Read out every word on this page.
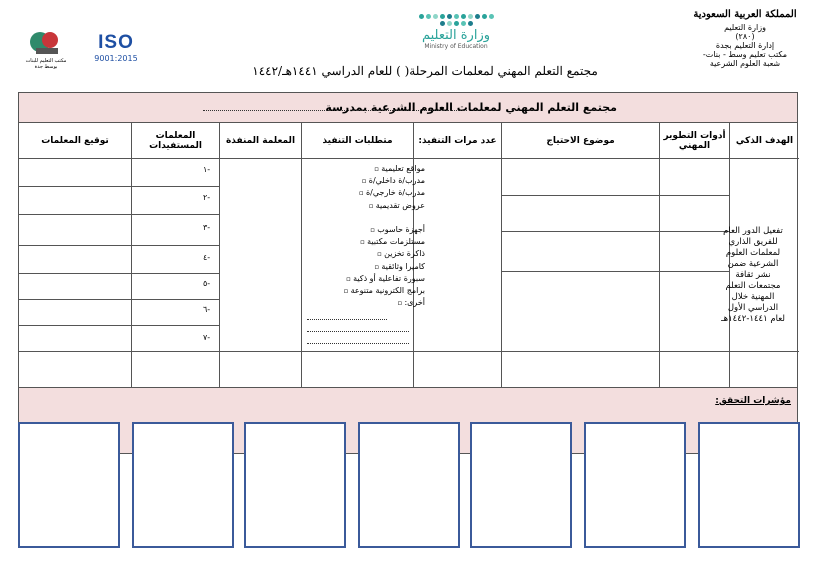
المملكة العربية السعودية
وزارة التعليم
(٢٨٠)
إدارة التعليم بجدة
مكتب تعليم وسط - بنات-
شعبة العلوم الشرعية
وزارة التعليم
Ministry of Education
مجتمع التعلم المهني لمعلمات المرحلة( ) للعام الدراسي ١٤٤١هـ/١٤٤٢
مكتب التعليم للبنات بوسط جدة
ISO
9001:2015
مجتمع التعلم المهني لمعلمات العلوم الشرعية بمدرسة
الهدف الذكي
أدوات التطوير المهني
موضوع الاحتياج
عدد مرات التنفيذ:
متطلبات التنفيذ
المعلمة المنفذة
المعلمات المستفيدات
توقيع المعلمات
-١
-٢
-٣
-٤
-٥
-٦
-٧
تفعيل الدور العام للفريق الذاري لمعلمات العلوم الشرعية ضمن نشر ثقافة مجتمعات التعلم المهنية خلال الدراسي الأول لعام ١٤٤١-١٤٤٢هـ
مواقع تعليمية ▫
مدرب/ة داخلي/ة ▫
مدرب/ة خارجي/ة ▫
عروض تقديمية ▫
أجهزة حاسوب ▫
مستلزمات مكتبية ▫
ذاكرة تخزين ▫
كاميرا وثائقية ▫
سبورة تفاعلية أو ذكية ▫
برامج الكترونية متنوعة ▫
أخرى: ▫
مؤشرات التحقق:
